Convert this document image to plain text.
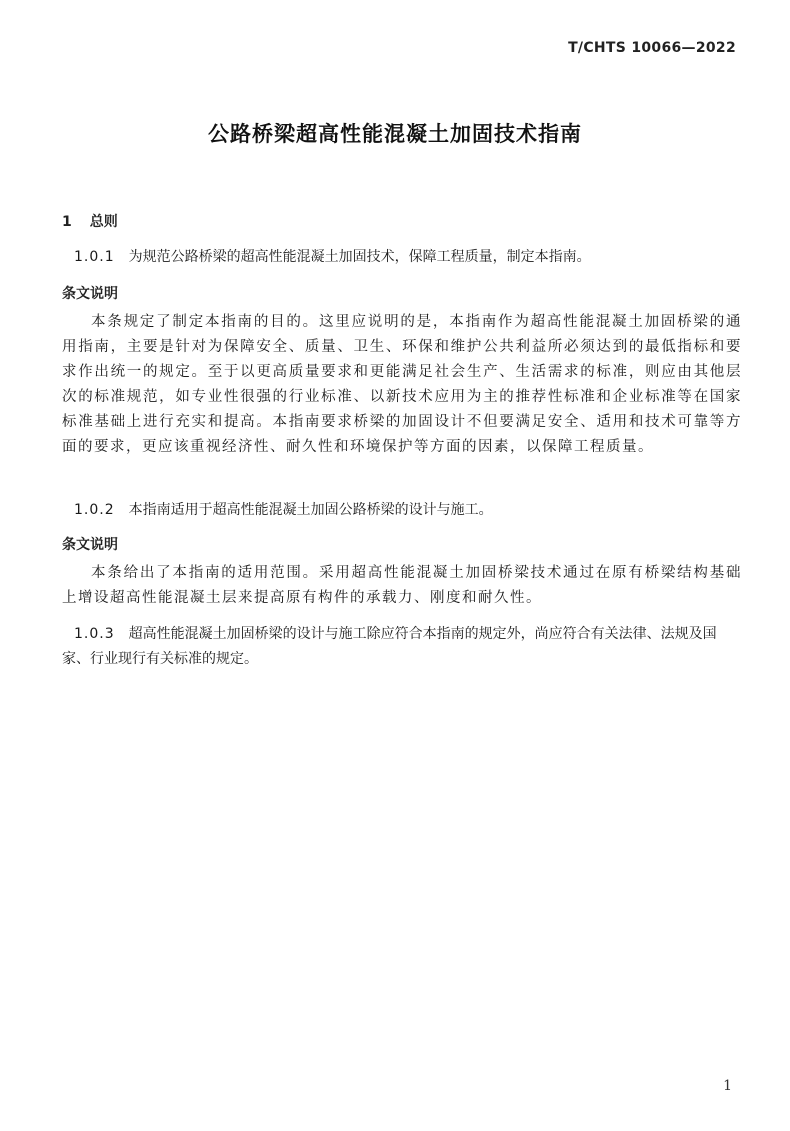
T/CHTS 10066—2022
公路桥梁超高性能混凝土加固技术指南
1 总则
1.0.1 为规范公路桥梁的超高性能混凝土加固技术，保障工程质量，制定本指南。
条文说明

本条规定了制定本指南的目的。这里应说明的是，本指南作为超高性能混凝土加固桥梁的通用指南，主要是针对为保障安全、质量、卫生、环保和维护公共利益所必须达到的最低指标和要求作出统一的规定。至于以更高质量要求和更能满足社会生产、生活需求的标准，则应由其他层次的标准规范，如专业性很强的行业标准、以新技术应用为主的推荐性标准和企业标准等在国家标准基础上进行充实和提高。本指南要求桥梁的加固设计不但要满足安全、适用和技术可靠等方面的要求，更应该重视经济性、耐久性和环境保护等方面的因素，以保障工程质量。

1.0.2 本指南适用于超高性能混凝土加固公路桥梁的设计与施工。
条文说明

本条给出了本指南的适用范围。采用超高性能混凝土加固桥梁技术通过在原有桥梁结构基础上增设超高性能混凝土层来提高原有构件的承载力、刚度和耐久性。

1.0.3 超高性能混凝土加固桥梁的设计与施工除应符合本指南的规定外，尚应符合有关法律、法规及国家、行业现行有关标准的规定。
1
